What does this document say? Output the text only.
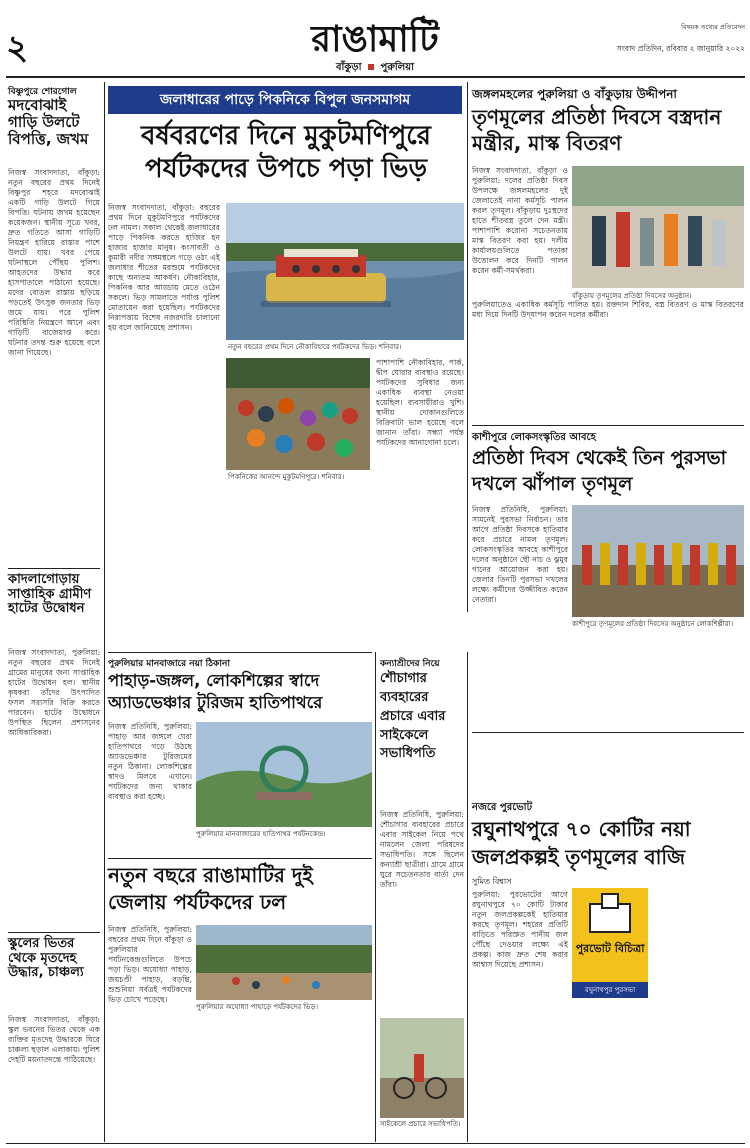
২	রাঙামাটি
বাঁকুড়া পুরুলিয়া
বিষয়ক তথ্যের প্রতিবেদন
সংবাদ প্রতিদিন, রবিবার ২ জানুয়ারি ২০২২
বিষ্ণুপুরে শোরগোল
মদবোঝাই গাড়ি উলটে বিপত্তি, জখম
নিজস্ব সংবাদদাতা, বাঁকুড়া: নতুন বছরের প্রথম দিনেই বিষ্ণুপুর শহরে মদবোঝাই একটি গাড়ি উলটে গিয়ে বিপত্তি। ঘটনায় জখম হয়েছেন কয়েকজন। স্থানীয় সূত্রে খবর, দ্রুত গতিতে আসা গাড়িটি নিয়ন্ত্রণ হারিয়ে রাস্তার পাশে উলটে যায়। খবর পেয়ে ঘটনাস্থলে পৌঁছয় পুলিশ। আহতদের উদ্ধার করে হাসপাতালে পাঠানো হয়েছে। মদের বোতল রাস্তায় ছড়িয়ে পড়তেই উৎসুক জনতার ভিড় জমে যায়। পরে পুলিশ পরিস্থিতি নিয়ন্ত্রণে আনে এবং গাড়িটি বাজেয়াপ্ত করে। ঘটনার তদন্ত শুরু হয়েছে বলে জানা গিয়েছে।
কাদলাগোড়ায় সাপ্তাহিক গ্রামীণ হাটের উদ্বোধন
নিজস্ব সংবাদদাতা, পুরুলিয়া: নতুন বছরের প্রথম দিনেই গ্রামের মানুষের জন্য সাপ্তাহিক হাটের উদ্বোধন হল। স্থানীয় কৃষকরা তাঁদের উৎপাদিত ফসল সরাসরি বিক্রি করতে পারবেন। হাটের উদ্বোধনে উপস্থিত ছিলেন প্রশাসনের আধিকারিকরা।
স্কুলের ভিতর থেকে মৃতদেহ উদ্ধার, চাঞ্চল্য
নিজস্ব সংবাদদাতা, বাঁকুড়া: স্কুল ভবনের ভিতর থেকে এক ব্যক্তির মৃতদেহ উদ্ধারকে ঘিরে চাঞ্চল্য ছড়াল এলাকায়। পুলিশ দেহটি ময়নাতদন্তে পাঠিয়েছে।
জলাধারের পাড়ে পিকনিকে বিপুল জনসমাগম
বর্ষবরণের দিনে মুকুটমণিপুরে পর্যটকদের উপচে পড়া ভিড়
নিজস্ব সংবাদদাতা, বাঁকুড়া: বছরের প্রথম দিনে মুকুটমণিপুরে পর্যটকদের ঢল নামল। সকাল থেকেই জলাধারের পাড়ে পিকনিক করতে হাজির হন হাজার হাজার মানুষ। কংসাবতী ও কুমারী নদীর সঙ্গমস্থলে গড়ে ওঠা এই জলাধার শীতের মরশুমে পর্যটকদের কাছে অন্যতম আকর্ষণ। নৌকাবিহার, পিকনিক আর আড্ডায় মেতে ওঠেন সকলে। ভিড় সামলাতে পর্যাপ্ত পুলিশ মোতায়েন করা হয়েছিল। পর্যটকদের নিরাপত্তায় বিশেষ নজরদারি চালানো হয় বলে জানিয়েছে প্রশাসন।
নতুন বছরের প্রথম দিনে নৌকাবিহারে পর্যটকদের ভিড়। শনিবার।
পিকনিকের আনন্দে মুকুটমণিপুরে। শনিবার।
পাশাপাশি নৌকাবিহার, পার্ক, দ্বীপ ঘোরার ব্যবস্থাও রয়েছে। পর্যটকদের সুবিধার জন্য একাধিক ব্যবস্থা নেওয়া হয়েছিল। ব্যবসায়ীরাও খুশি। স্থানীয় দোকানগুলিতে বিক্রিবাটা ভাল হয়েছে বলে জানান তাঁরা। সন্ধ্যা পর্যন্ত পর্যটকদের আনাগোনা চলে।
জঙ্গলমহলের পুরুলিয়া ও বাঁকুড়ায় উদ্দীপনা
তৃণমূলের প্রতিষ্ঠা দিবসে বস্ত্রদান মন্ত্রীর, মাস্ক বিতরণ
নিজস্ব সংবাদদাতা, বাঁকুড়া ও পুরুলিয়া: দলের প্রতিষ্ঠা দিবস উপলক্ষে জঙ্গলমহলের দুই জেলাতেই নানা কর্মসূচি পালন করল তৃণমূল। বাঁকুড়ায় দুঃস্থদের হাতে শীতবস্ত্র তুলে দেন মন্ত্রী। পাশাপাশি করোনা সচেতনতায় মাস্ক বিতরণ করা হয়। দলীয় কার্যালয়গুলিতে পতাকা উত্তোলন করে দিনটি পালন করেন কর্মী-সমর্থকরা।
বাঁকুড়ায় তৃণমূলের প্রতিষ্ঠা দিবসের অনুষ্ঠান।
পুরুলিয়াতেও একাধিক কর্মসূচি পালিত হয়। রক্তদান শিবির, বস্ত্র বিতরণ ও মাস্ক বিতরণের মধ্য দিয়ে দিনটি উদ্‌যাপন করেন দলের কর্মীরা।
কাশীপুরে লোকসংস্কৃতির আবহে
প্রতিষ্ঠা দিবস থেকেই তিন পুরসভা দখলে ঝাঁপাল তৃণমূল
নিজস্ব প্রতিনিধি, পুরুলিয়া: সামনেই পুরসভা নির্বাচন। তার আগে প্রতিষ্ঠা দিবসকে হাতিয়ার করে প্রচারে নামল তৃণমূল। লোকসংস্কৃতির আবহে কাশীপুরে দলের অনুষ্ঠানে ছৌ নাচ ও ঝুমুর গানের আয়োজন করা হয়। জেলার তিনটি পুরসভা দখলের লক্ষ্যে কর্মীদের উজ্জীবিত করেন নেতারা।
কাশীপুরে তৃণমূলের প্রতিষ্ঠা দিবসের অনুষ্ঠানে লোকশিল্পীরা।
পুরুলিয়ার মানবাজারে নয়া ঠিকানা
পাহাড়-জঙ্গল, লোকশিল্পের স্বাদে অ্যাডভেঞ্চার টুরিজম হাতিপাথরে
নিজস্ব প্রতিনিধি, পুরুলিয়া: পাহাড় আর জঙ্গলে ঘেরা হাতিপাথরে গড়ে উঠছে অ্যাডভেঞ্চার টুরিজমের নতুন ঠিকানা। লোকশিল্পের স্বাদও মিলবে এখানে। পর্যটকদের জন্য থাকার ব্যবস্থাও করা হচ্ছে।
পুরুলিয়ার মানবাজারের হাতিপাথর পর্যটনকেন্দ্র।
কন্যাশ্রীদের নিয়ে
শৌচাগার ব্যবহারের প্রচারে এবার সাইকেলে সভাধিপতি
নিজস্ব প্রতিনিধি, পুরুলিয়া: শৌচাগার ব্যবহারের প্রচারে এবার সাইকেল নিয়ে পথে নামলেন জেলা পরিষদের সভাধিপতি। সঙ্গে ছিলেন কন্যাশ্রী ছাত্রীরা। গ্রামে গ্রামে ঘুরে সচেতনতার বার্তা দেন তাঁরা।
সাইকেলে প্রচারে সভাধিপতি।
নতুন বছরে রাঙামাটির দুই জেলায় পর্যটকদের ঢল
নিজস্ব প্রতিনিধি, পুরুলিয়া: বছরের প্রথম দিনে বাঁকুড়া ও পুরুলিয়ার পর্যটনকেন্দ্রগুলিতে উপচে পড়া ভিড়। অযোধ্যা পাহাড়, জয়চণ্ডী পাহাড়, বড়ন্তি, শুশুনিয়া সর্বত্রই পর্যটকদের ভিড় চোখে পড়েছে।
পুরুলিয়ার অযোধ্যা পাহাড়ে পর্যটকদের ভিড়।
নজরে পুরভোট
রঘুনাথপুরে ৭০ কোটির নয়া জলপ্রকল্পই তৃণমূলের বাজি
সুমিত বিশ্বাস
পুরুলিয়া: পুরভোটের আগে রঘুনাথপুরে ৭০ কোটি টাকার নতুন জলপ্রকল্পকেই হাতিয়ার করছে তৃণমূল। শহরের প্রতিটি বাড়িতে পরিস্রুত পানীয় জল পৌঁছে দেওয়ার লক্ষ্যে এই প্রকল্প। কাজ দ্রুত শেষ করার আশ্বাস দিয়েছে প্রশাসন।
পুরভোট বিচিত্রা
রঘুনাথপুর পুরসভা
